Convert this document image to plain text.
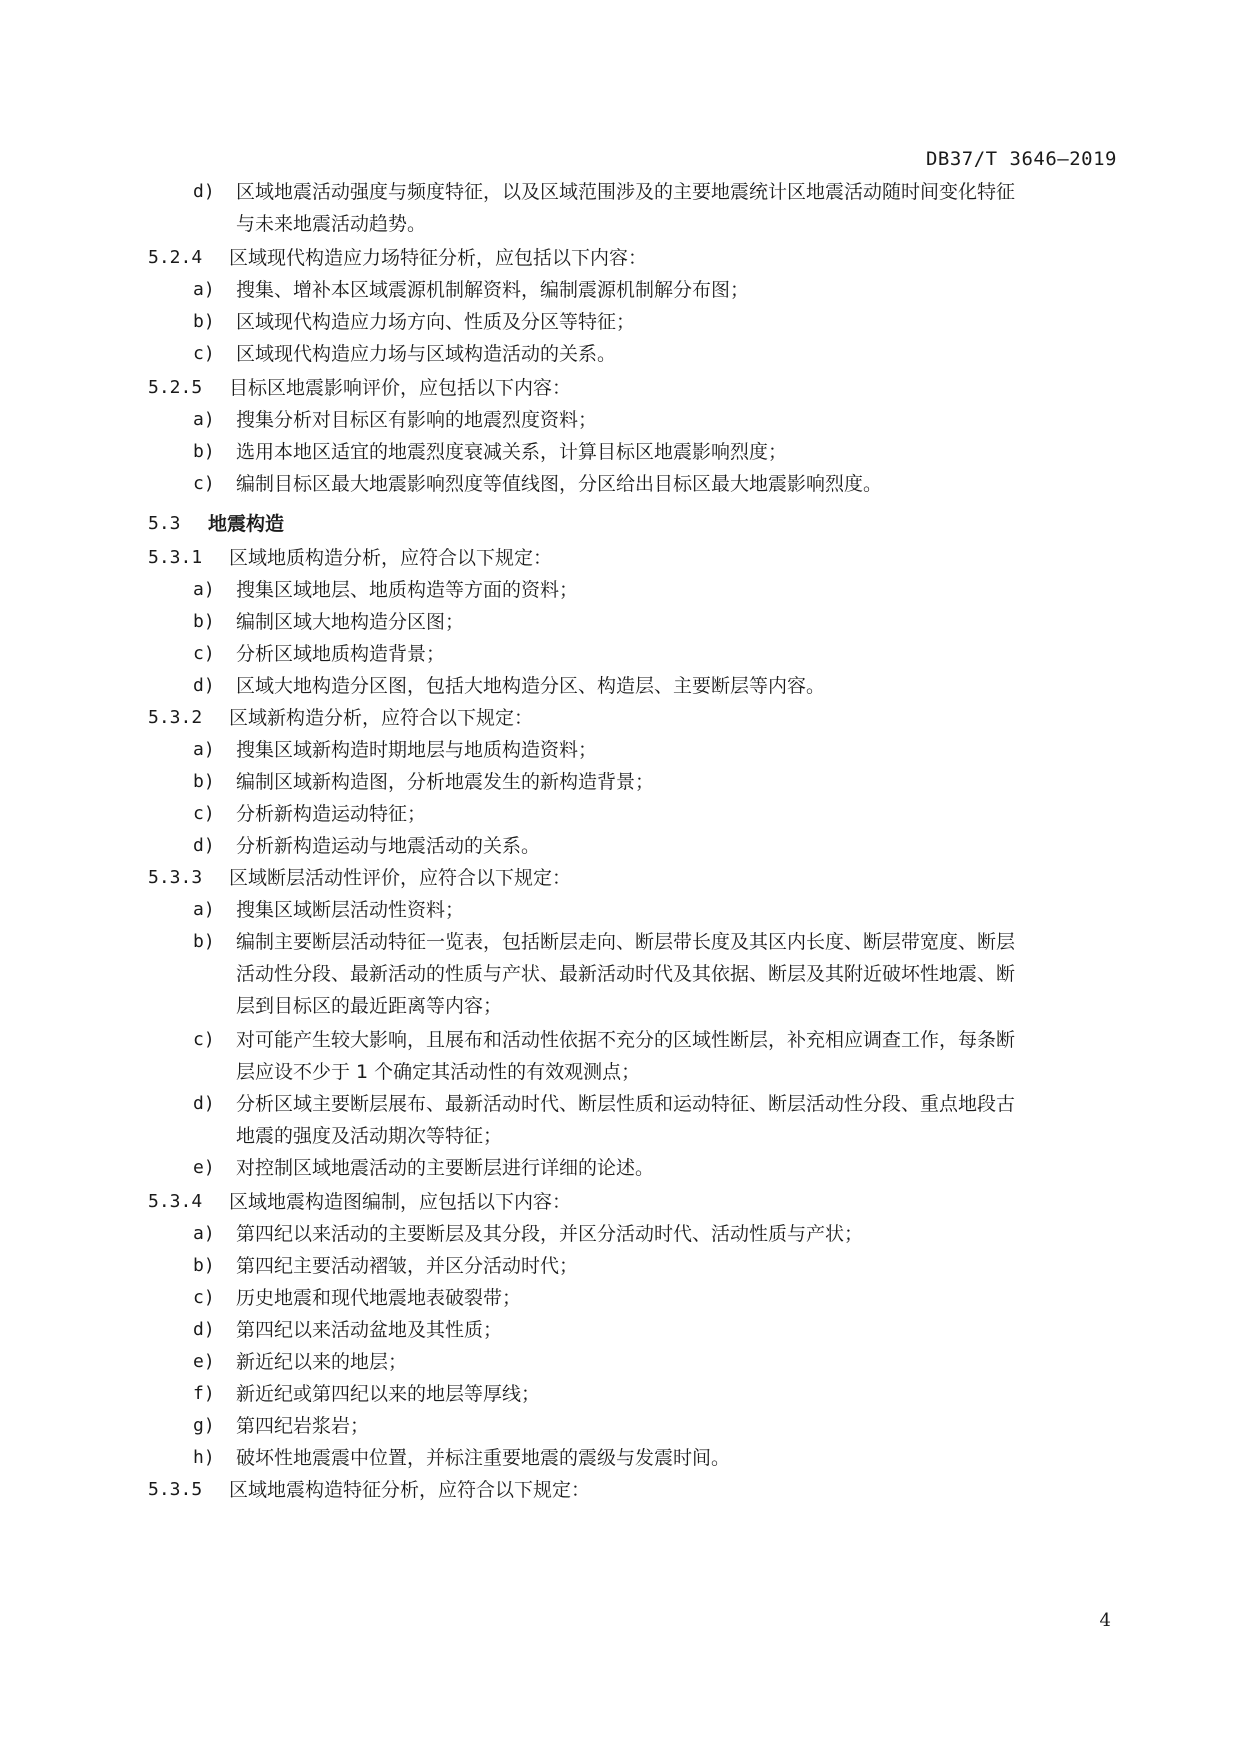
DB37/T 3646—2019
d) 区域地震活动强度与频度特征，以及区域范围涉及的主要地震统计区地震活动随时间变化特征
与未来地震活动趋势。
5.2.4 区域现代构造应力场特征分析，应包括以下内容：
a) 搜集、增补本区域震源机制解资料，编制震源机制解分布图；
b) 区域现代构造应力场方向、性质及分区等特征；
c) 区域现代构造应力场与区域构造活动的关系。
5.2.5 目标区地震影响评价，应包括以下内容：
a) 搜集分析对目标区有影响的地震烈度资料；
b) 选用本地区适宜的地震烈度衰减关系，计算目标区地震影响烈度；
c) 编制目标区最大地震影响烈度等值线图，分区给出目标区最大地震影响烈度。
5.3 地震构造
5.3.1 区域地质构造分析，应符合以下规定：
a) 搜集区域地层、地质构造等方面的资料；
b) 编制区域大地构造分区图；
c) 分析区域地质构造背景；
d) 区域大地构造分区图，包括大地构造分区、构造层、主要断层等内容。
5.3.2 区域新构造分析，应符合以下规定：
a) 搜集区域新构造时期地层与地质构造资料；
b) 编制区域新构造图，分析地震发生的新构造背景；
c) 分析新构造运动特征；
d) 分析新构造运动与地震活动的关系。
5.3.3 区域断层活动性评价，应符合以下规定：
a) 搜集区域断层活动性资料；
b) 编制主要断层活动特征一览表，包括断层走向、断层带长度及其区内长度、断层带宽度、断层
活动性分段、最新活动的性质与产状、最新活动时代及其依据、断层及其附近破坏性地震、断
层到目标区的最近距离等内容；
c) 对可能产生较大影响，且展布和活动性依据不充分的区域性断层，补充相应调查工作，每条断
层应设不少于 1 个确定其活动性的有效观测点；
d) 分析区域主要断层展布、最新活动时代、断层性质和运动特征、断层活动性分段、重点地段古
地震的强度及活动期次等特征；
e) 对控制区域地震活动的主要断层进行详细的论述。
5.3.4 区域地震构造图编制，应包括以下内容：
a) 第四纪以来活动的主要断层及其分段，并区分活动时代、活动性质与产状；
b) 第四纪主要活动褶皱，并区分活动时代；
c) 历史地震和现代地震地表破裂带；
d) 第四纪以来活动盆地及其性质；
e) 新近纪以来的地层；
f) 新近纪或第四纪以来的地层等厚线；
g) 第四纪岩浆岩；
h) 破坏性地震震中位置，并标注重要地震的震级与发震时间。
5.3.5 区域地震构造特征分析，应符合以下规定：
4
